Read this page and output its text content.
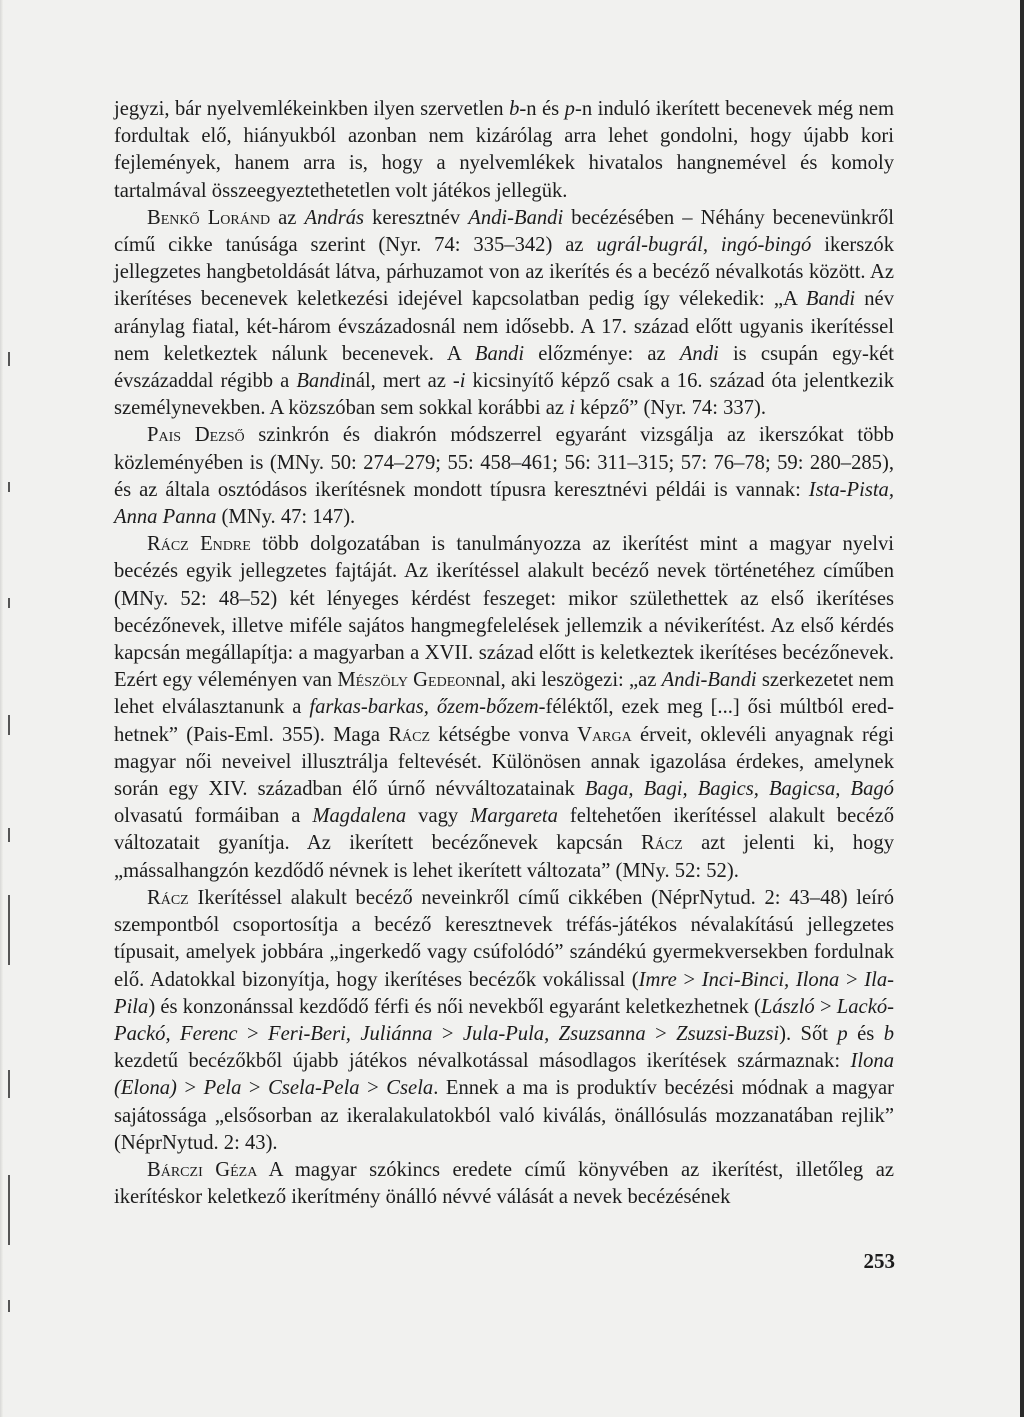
jegyzi, bár nyelvemlékeinkben ilyen szervetlen b-n és p-n induló ikerített becenevek még nem fordultak elő, hiányukból azonban nem kizárólag arra lehet gondolni, hogy újabb kori fejlemények, hanem arra is, hogy a nyelvemlékek hivatalos hangnemével és komoly tartalmával összeegyeztethetetlen volt játékos jellegük.

Benkő Loránd az András keresztnév Andi-Bandi becézésében – Néhány becenevünkről című cikke tanúsága szerint (Nyr. 74: 335–342) az ugrál-bugrál, ingó-bingó ikerszók jellegzetes hangbetoldását látva, párhuzamot von az ikerítés és a becéző névalkotás között. Az ikerítéses becenevek keletkezési idejével kapcsolatban pedig így vélekedik: „A Bandi név aránylag fiatal, két-három évszázadosnál nem idősebb. A 17. század előtt ugyanis ikerítéssel nem keletkeztek nálunk becenevek. A Bandi előzménye: az Andi is csupán egy-két évszázaddal régibb a Bandinál, mert az -i kicsinyítő képző csak a 16. század óta jelentkezik személynevekben. A közszóban sem sokkal korábbi az i képző” (Nyr. 74: 337).

Pais Dezső szinkrón és diakrón módszerrel egyaránt vizsgálja az ikerszókat több közleményében is (MNy. 50: 274–279; 55: 458–461; 56: 311–315; 57: 76–78; 59: 280–285), és az általa osztódásos ikerítésnek mondott típusra keresztnévi példái is vannak: Ista-Pista, Anna Panna (MNy. 47: 147).

Rácz Endre több dolgozatában is tanulmányozza az ikerítést mint a magyar nyelvi becézés egyik jellegzetes fajtáját. Az ikerítéssel alakult becéző nevek történetéhez címűben (MNy. 52: 48–52) két lényeges kérdést feszeget: mikor születhettek az első ikerítéses becézőnevek, illetve miféle sajátos hangmegfelelések jellemzik a névikerítést. Az első kérdés kapcsán megállapítja: a magyarban a XVII. század előtt is keletkeztek ikerítéses becézőnevek. Ezért egy véleményen van Mészöly Gedeonnal, aki leszögezi: „az Andi-Bandi szerkezetet nem lehet elválasztanunk a farkas-barkas, őzem-bőzem-féléktől, ezek meg [...] ősi múltból eredhetnek” (Pais-Eml. 355). Maga Rácz kétségbe vonva Varga érveit, oklevéli anyagnak régi magyar női neveivel illusztrálja feltevését. Különösen annak igazolása érdekes, amelynek során egy XIV. században élő úrnő névváltozatainak Baga, Bagi, Bagics, Bagicsa, Bagó olvasatú formáiban a Magdalena vagy Margareta feltehetően ikerítéssel alakult becéző változatait gyanítja. Az ikerített becézőnevek kapcsán Rácz azt jelenti ki, hogy „mássalhangzón kezdődő névnek is lehet ikerített változata” (MNy. 52: 52).

Rácz Ikerítéssel alakult becéző neveinkről című cikkében (NéprNytud. 2: 43–48) leíró szempontból csoportosítja a becéző keresztnevek tréfás-játékos névalakítású jellegzetes típusait, amelyek jobbára „ingerkedő vagy csúfolódó” szándékú gyermekversekben fordulnak elő. Adatokkal bizonyítja, hogy ikerítéses becézők vokálissal (Imre > Inci-Binci, Ilona > Ila-Pila) és konzonánssal kezdődő férfi és női nevekből egyaránt keletkezhetnek (László > Lackó-Packó, Ferenc > Feri-Beri, Juliánna > Jula-Pula, Zsuzsanna > Zsuzsi-Buzsi). Sőt p és b kezdetű becézőkből újabb játékos névalkotással másodlagos ikerítések származnak: Ilona (Elona) > Pela > Csela-Pela > Csela. Ennek a ma is produktív becézési módnak a magyar sajátossága „elsősorban az ikeralakulatokból való kiválás, önállósulás mozzanatában rejlik” (NéprNytud. 2: 43).

Bárczi Géza A magyar szókincs eredete című könyvében az ikerítést, illetőleg az ikerítéskor keletkező ikerítmény önálló névvé válását a nevek becézésének

253
